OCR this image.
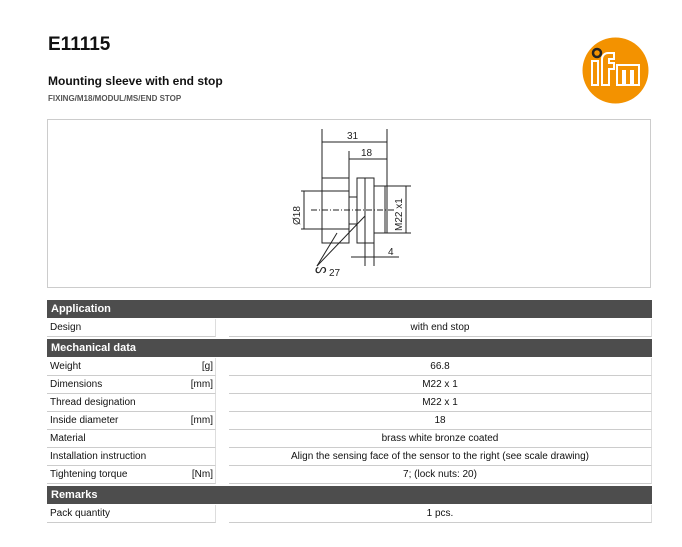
E11115
Mounting sleeve with end stop
FIXING/M18/MODUL/MS/END STOP
31
18
Ø18	M22 x1
4
ᔕ 27
Application
Design	with end stop
Mechanical data
Weight	[g]	66.8
Dimensions	[mm]	M22 x 1
Thread designation	M22 x 1
Inside diameter	[mm]	18
Material	brass white bronze coated
Installation instruction	Align the sensing face of the sensor to the right (see scale drawing)
Tightening torque	[Nm]	7; (lock nuts: 20)
Remarks
Pack quantity	1 pcs.
